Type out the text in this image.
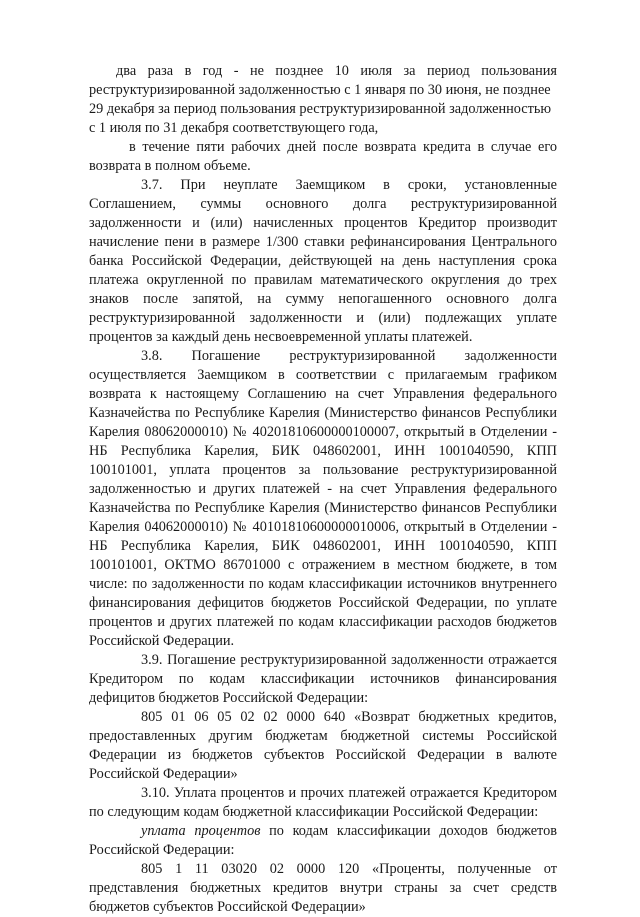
два раза в год - не позднее 10 июля за период пользования
реструктуризированной задолженностью с 1 января по 30 июня, не позднее
29 декабря за период пользования реструктуризированной задолженностью
с 1 июля по 31 декабря соответствующего года,
в течение пяти рабочих дней после возврата кредита в случае его
возврата в полном объеме.
3.7. При неуплате Заемщиком в сроки, установленные
Соглашением, суммы основного долга реструктуризированной
задолженности и (или) начисленных процентов Кредитор производит
начисление пени в размере 1/300 ставки рефинансирования Центрального
банка Российской Федерации, действующей на день наступления срока
платежа округленной по правилам математического округления до трех
знаков после запятой, на сумму непогашенного основного долга
реструктуризированной задолженности и (или) подлежащих уплате
процентов за каждый день несвоевременной уплаты платежей.
3.8. Погашение реструктуризированной задолженности
осуществляется Заемщиком в соответствии с прилагаемым графиком
возврата к настоящему Соглашению на счет Управления федерального
Казначейства по Республике Карелия (Министерство финансов Республики
Карелия 08062000010) № 40201810600000100007, открытый в Отделении -
НБ Республика Карелия, БИК 048602001, ИНН 1001040590, КПП
100101001, уплата процентов за пользование реструктуризированной
задолженностью и других платежей - на счет Управления федерального
Казначейства по Республике Карелия (Министерство финансов Республики
Карелия 04062000010) № 40101810600000010006, открытый в Отделении -
НБ Республика Карелия, БИК 048602001, ИНН 1001040590, КПП
100101001, ОКТМО 86701000 с отражением в местном бюджете, в том
числе: по задолженности по кодам классификации источников внутреннего
финансирования дефицитов бюджетов Российской Федерации, по уплате
процентов и других платежей по кодам классификации расходов бюджетов
Российской Федерации.
3.9. Погашение реструктуризированной задолженности отражается
Кредитором по кодам классификации источников финансирования
дефицитов бюджетов Российской Федерации:
805 01 06 05 02 02 0000 640 «Возврат бюджетных кредитов,
предоставленных другим бюджетам бюджетной системы Российской
Федерации из бюджетов субъектов Российской Федерации в валюте
Российской Федерации»
3.10. Уплата процентов и прочих платежей отражается Кредитором
по следующим кодам бюджетной классификации Российской Федерации:
уплата процентов по кодам классификации доходов бюджетов
Российской Федерации:
805 1 11 03020 02 0000 120 «Проценты, полученные от
представления бюджетных кредитов внутри страны за счет средств
бюджетов субъектов Российской Федерации»
